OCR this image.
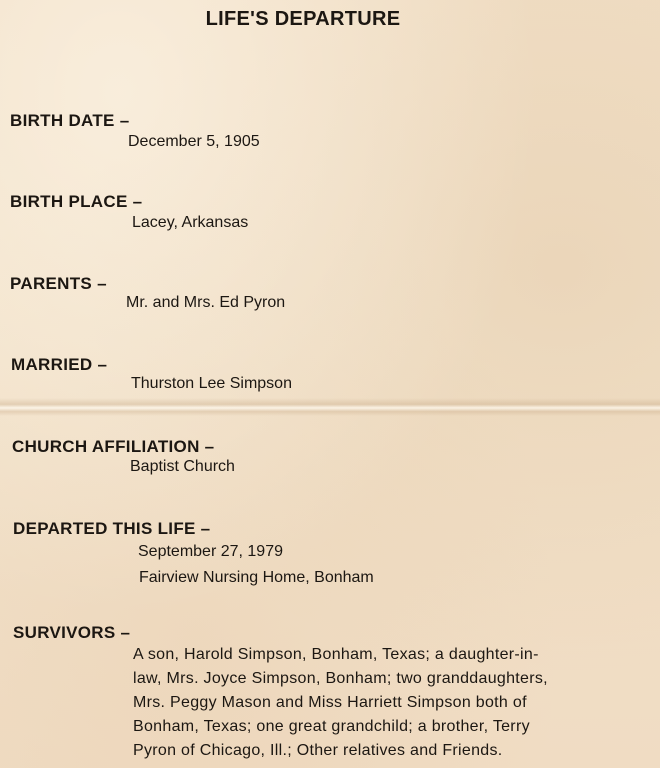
LIFE'S DEPARTURE
BIRTH DATE –
December 5, 1905
BIRTH PLACE –
Lacey, Arkansas
PARENTS –
Mr. and Mrs. Ed Pyron
MARRIED –
Thurston Lee Simpson
CHURCH AFFILIATION –
Baptist Church
DEPARTED THIS LIFE –
September 27, 1979
Fairview Nursing Home, Bonham
SURVIVORS –
A son, Harold Simpson, Bonham, Texas; a daughter-in-
law, Mrs. Joyce Simpson, Bonham; two granddaughters,
Mrs. Peggy Mason and Miss Harriett Simpson both of
Bonham, Texas; one great grandchild; a brother, Terry
Pyron of Chicago, Ill.; Other relatives and Friends.
